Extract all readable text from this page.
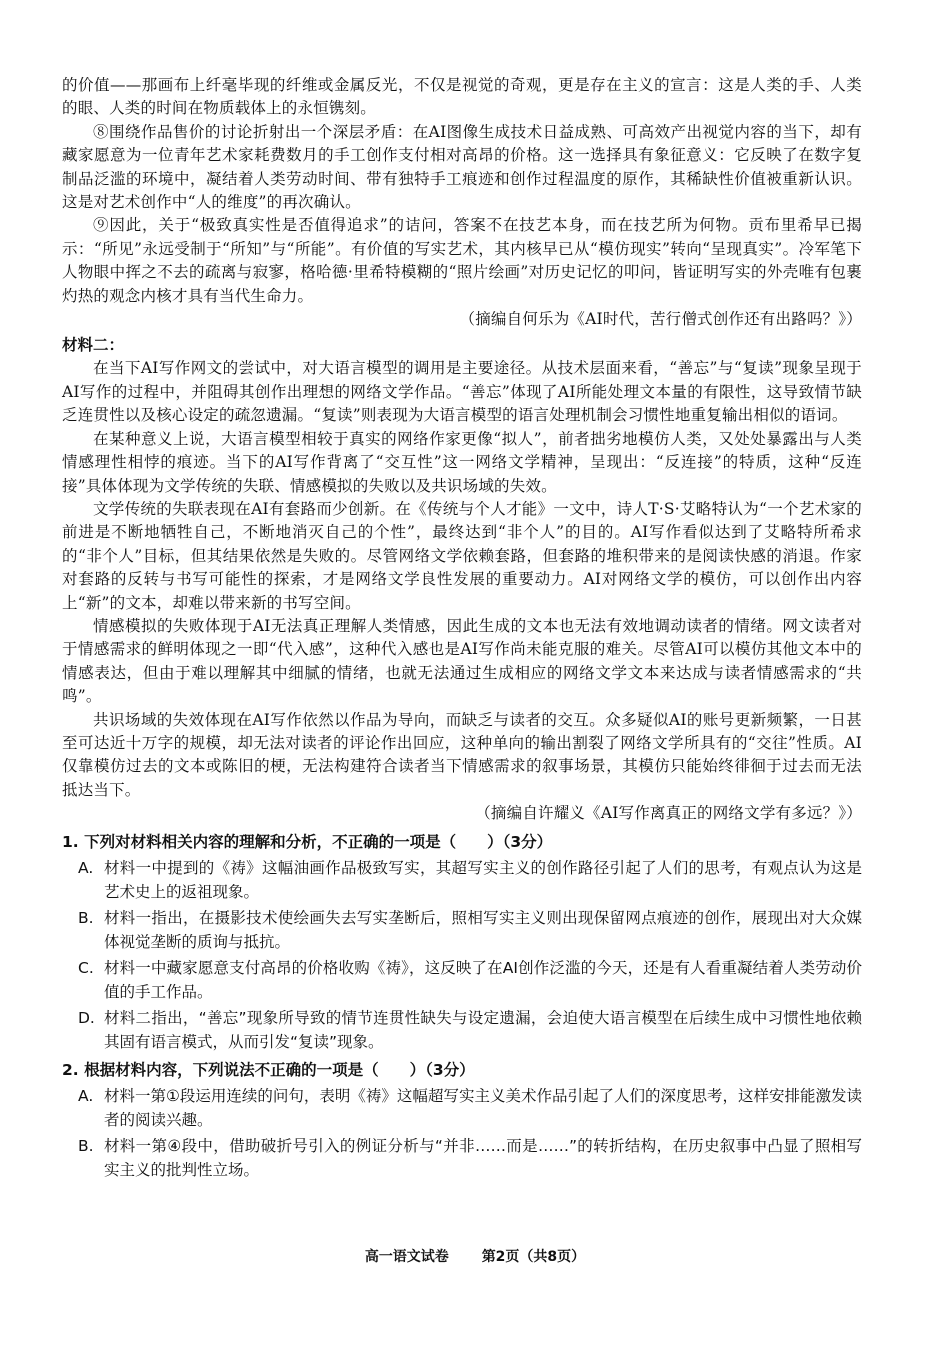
的价值——那画布上纤毫毕现的纤维或金属反光，不仅是视觉的奇观，更是存在主义的宣言：这是人类的手、人类的眼、人类的时间在物质载体上的永恒镌刻。

⑧围绕作品售价的讨论折射出一个深层矛盾：在AI图像生成技术日益成熟、可高效产出视觉内容的当下，却有藏家愿意为一位青年艺术家耗费数月的手工创作支付相对高昂的价格。这一选择具有象征意义：它反映了在数字复制品泛滥的环境中，凝结着人类劳动时间、带有独特手工痕迹和创作过程温度的原作，其稀缺性价值被重新认识。这是对艺术创作中“人的维度”的再次确认。

⑨因此，关于“极致真实性是否值得追求”的诘问，答案不在技艺本身，而在技艺所为何物。贡布里希早已揭示：“所见”永远受制于“所知”与“所能”。有价值的写实艺术，其内核早已从“模仿现实”转向“呈现真实”。冷军笔下人物眼中挥之不去的疏离与寂寥，格哈德·里希特模糊的“照片绘画”对历史记忆的叩问，皆证明写实的外壳唯有包裹灼热的观念内核才具有当代生命力。

（摘编自何乐为《AI时代，苦行僧式创作还有出路吗？》）

材料二：

在当下AI写作网文的尝试中，对大语言模型的调用是主要途径。从技术层面来看，“善忘”与“复读”现象呈现于AI写作的过程中，并阻碍其创作出理想的网络文学作品。“善忘”体现了AI所能处理文本量的有限性，这导致情节缺乏连贯性以及核心设定的疏忽遗漏。“复读”则表现为大语言模型的语言处理机制会习惯性地重复输出相似的语词。

在某种意义上说，大语言模型相较于真实的网络作家更像“拟人”，前者拙劣地模仿人类，又处处暴露出与人类情感理性相悖的痕迹。当下的AI写作背离了“交互性”这一网络文学精神，呈现出：“反连接”的特质，这种“反连接”具体体现为文学传统的失联、情感模拟的失败以及共识场域的失效。

文学传统的失联表现在AI有套路而少创新。在《传统与个人才能》一文中，诗人T·S·艾略特认为“一个艺术家的前进是不断地牺牲自己，不断地消灭自己的个性”，最终达到“非个人”的目的。AI写作看似达到了艾略特所希求的“非个人”目标，但其结果依然是失败的。尽管网络文学依赖套路，但套路的堆积带来的是阅读快感的消退。作家对套路的反转与书写可能性的探索，才是网络文学良性发展的重要动力。AI对网络文学的模仿，可以创作出内容上“新”的文本，却难以带来新的书写空间。

情感模拟的失败体现于AI无法真正理解人类情感，因此生成的文本也无法有效地调动读者的情绪。网文读者对于情感需求的鲜明体现之一即“代入感”，这种代入感也是AI写作尚未能克服的难关。尽管AI可以模仿其他文本中的情感表达，但由于难以理解其中细腻的情绪，也就无法通过生成相应的网络文学文本来达成与读者情感需求的“共鸣”。

共识场域的失效体现在AI写作依然以作品为导向，而缺乏与读者的交互。众多疑似AI的账号更新频繁，一日甚至可达近十万字的规模，却无法对读者的评论作出回应，这种单向的输出割裂了网络文学所具有的“交往”性质。AI仅靠模仿过去的文本或陈旧的梗，无法构建符合读者当下情感需求的叙事场景，其模仿只能始终徘徊于过去而无法抵达当下。

（摘编自许耀义《AI写作离真正的网络文学有多远？》）

1. 下列对材料相关内容的理解和分析，不正确的一项是（　　）（3分）
A. 材料一中提到的《祷》这幅油画作品极致写实，其超写实主义的创作路径引起了人们的思考，有观点认为这是艺术史上的返祖现象。
B. 材料一指出，在摄影技术使绘画失去写实垄断后，照相写实主义则出现保留网点痕迹的创作，展现出对大众媒体视觉垄断的质询与抵抗。
C. 材料一中藏家愿意支付高昂的价格收购《祷》，这反映了在AI创作泛滥的今天，还是有人看重凝结着人类劳动价值的手工作品。
D. 材料二指出，“善忘”现象所导致的情节连贯性缺失与设定遗漏，会迫使大语言模型在后续生成中习惯性地依赖其固有语言模式，从而引发“复读”现象。
2. 根据材料内容，下列说法不正确的一项是（　　）（3分）
A. 材料一第①段运用连续的问句，表明《祷》这幅超写实主义美术作品引起了人们的深度思考，这样安排能激发读者的阅读兴趣。
B. 材料一第④段中，借助破折号引入的例证分析与“并非……而是……”的转折结构，在历史叙事中凸显了照相写实主义的批判性立场。
高一语文试卷 第2页（共8页）
